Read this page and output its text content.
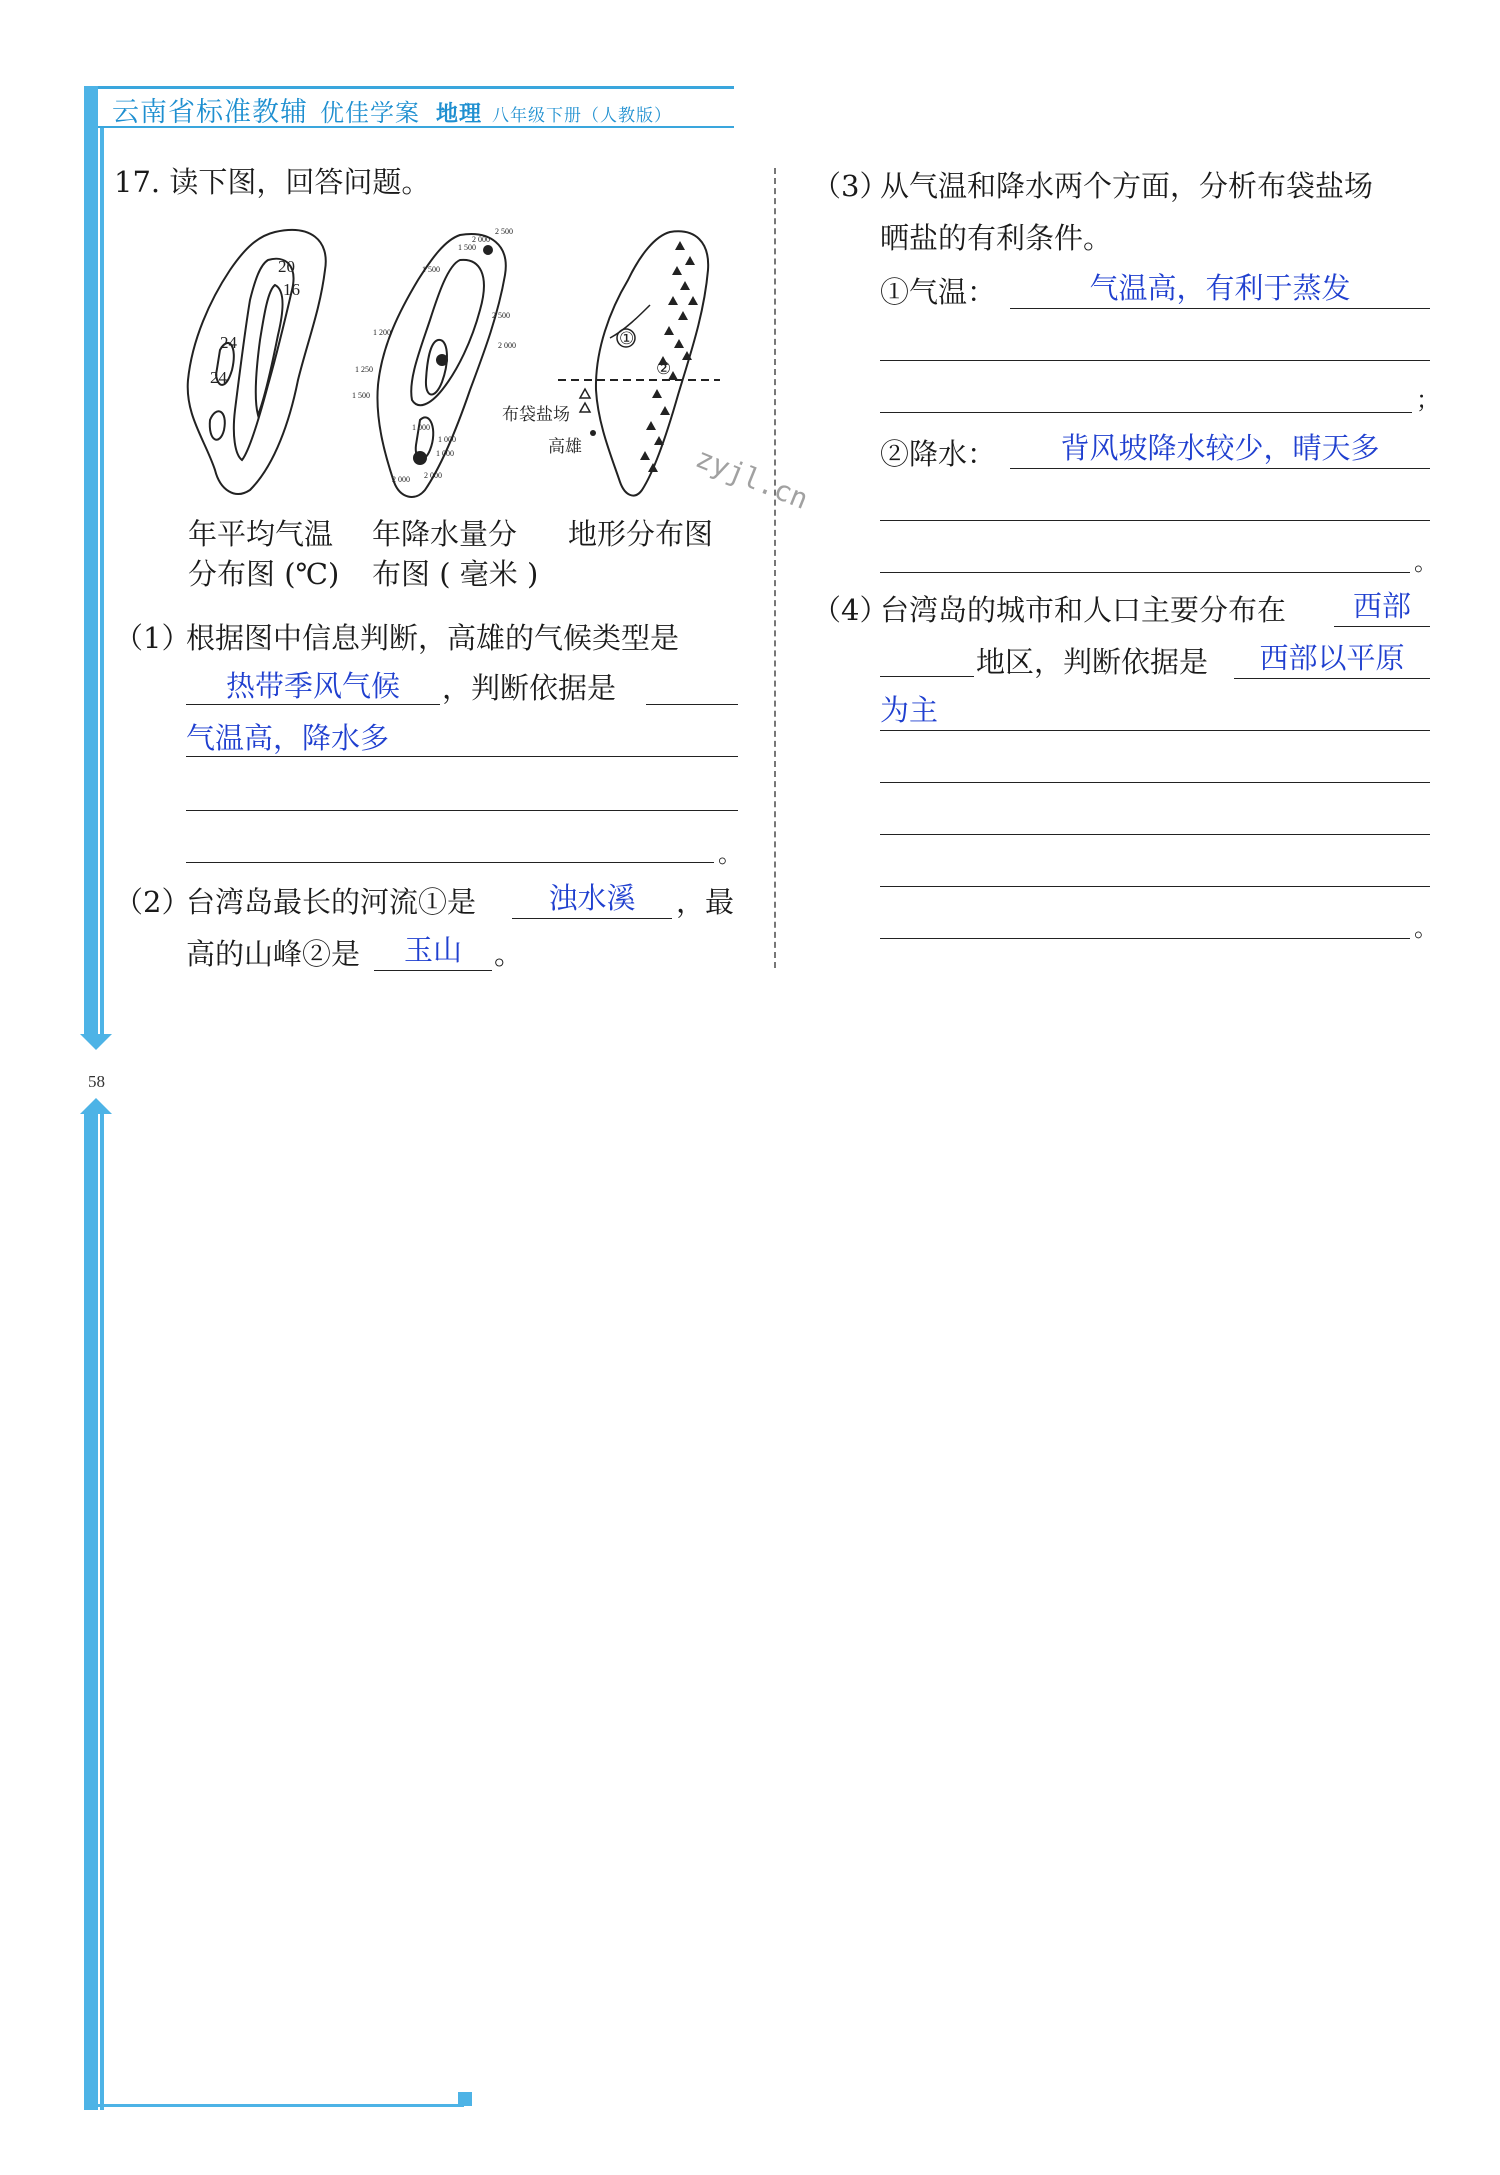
云南省标准教辅 优佳学案 地理 八年级下册（人教版）
58
17. 读下图，回答问题。
20
16
24
24
2 500
2 000
1 500
2 500
1 200
2 000
1 250
1 500
1 000
1 000
1 000
2 000 2 000
1 500
①
②
布袋盐场
高雄	zyjl.cn
年平均气温
分布图 (℃)
年降水量分
布图 ( 毫米 )
地形分布图
（1）
根据图中信息判断，高雄的气候类型是
热带季风气候	，判断依据是
气温高，降水多
。
（2）
台湾岛最长的河流①是	浊水溪	，最
高的山峰②是	玉山	。
（3）
从气温和降水两个方面，分析布袋盐场
晒盐的有利条件。
①气温：	气温高，有利于蒸发
；
②降水：	背风坡降水较少，晴天多
。
（4）
台湾岛的城市和人口主要分布在	西部
地区，判断依据是	西部以平原
为主
。
